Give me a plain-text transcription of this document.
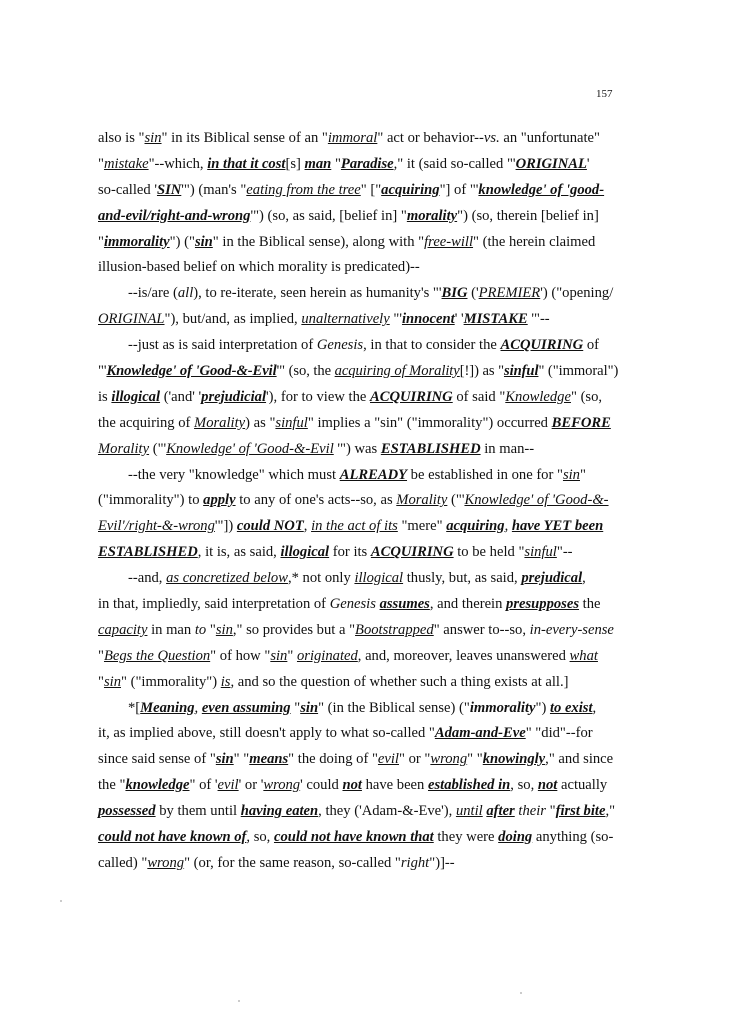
157
also is "sin" in its Biblical sense of an "immoral" act or behavior--vs. an "unfortunate"
"mistake"--which, in that it cost[s] man "Paradise," it (said so-called "'ORIGINAL'
so-called 'SIN'") (man's "eating from the tree" ["acquiring"] of "'knowledge' of 'good-
and-evil/right-and-wrong'") (so, as said, [belief in] "morality") (so, therein [belief in]
"immorality") ("sin" in the Biblical sense), along with "free-will" (the herein claimed
illusion-based belief on which morality is predicated)--
--is/are (all), to re-iterate, seen herein as humanity's "'BIG ('PREMIER') ("opening/
ORIGINAL"), but/and, as implied, unalternatively "'innocent' 'MISTAKE '"--
--just as is said interpretation of Genesis, in that to consider the ACQUIRING of
"'Knowledge' of 'Good-&-Evil'" (so, the acquiring of Morality[!]) as "sinful" ("immoral")
is illogical ('and' 'prejudicial'), for to view the ACQUIRING of said "Knowledge" (so,
the acquiring of Morality) as "sinful" implies a "sin" ("immorality") occurred BEFORE
Morality ("'Knowledge' of 'Good-&-Evil '") was ESTABLISHED in man--
--the very "knowledge" which must ALREADY be established in one for "sin"
("immorality") to apply to any of one's acts--so, as Morality ("'Knowledge' of 'Good-&-
Evil'/right-&-wrong'"]) could NOT, in the act of its "mere" acquiring, have YET been
ESTABLISHED, it is, as said, illogical for its ACQUIRING to be held "sinful"--
--and, as concretized below,* not only illogical thusly, but, as said, prejudical,
in that, impliedly, said interpretation of Genesis assumes, and therein presupposes the
capacity in man to "sin," so provides but a "Bootstrapped" answer to--so, in-every-sense
"Begs the Question" of how "sin" originated, and, moreover, leaves unanswered what
"sin" ("immorality") is, and so the question of whether such a thing exists at all.]
*[Meaning, even assuming "sin" (in the Biblical sense) ("immorality") to exist,
it, as implied above, still doesn't apply to what so-called "Adam-and-Eve" "did"--for
since said sense of "sin" "means" the doing of "evil" or "wrong" "knowingly," and since
the "knowledge" of 'evil' or 'wrong' could not have been established in, so, not actually
possessed by them until having eaten, they ('Adam-&-Eve'), until after their "first bite,"
could not have known of, so, could not have known that they were doing anything (so-
called) "wrong" (or, for the same reason, so-called "right")]--
